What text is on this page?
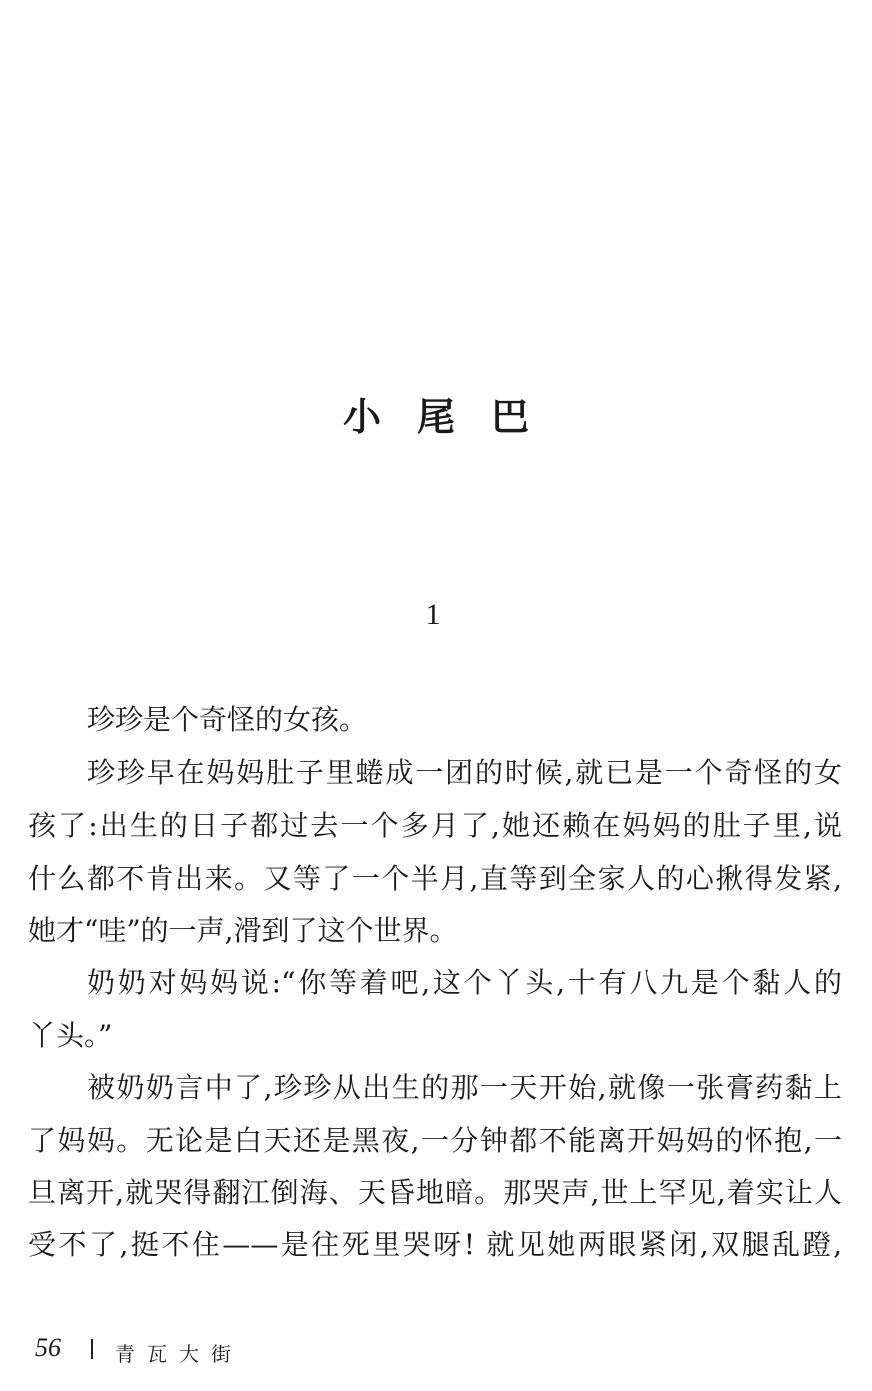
小尾巴
1
珍珍是个奇怪的女孩。
珍珍早在妈妈肚子里蜷成一团的时候,就已是一个奇怪的女
孩了:出生的日子都过去一个多月了,她还赖在妈妈的肚子里,说
什么都不肯出来。又等了一个半月,直等到全家人的心揪得发紧,
她才“哇”的一声,滑到了这个世界。
奶奶对妈妈说:“你等着吧,这个丫头,十有八九是个黏人的
丫头。”
被奶奶言中了,珍珍从出生的那一天开始,就像一张膏药黏上
了妈妈。无论是白天还是黑夜,一分钟都不能离开妈妈的怀抱,一
旦离开,就哭得翻江倒海、天昏地暗。那哭声,世上罕见,着实让人
受不了,挺不住——是往死里哭呀! 就见她两眼紧闭,双腿乱蹬,
56	青瓦大街
